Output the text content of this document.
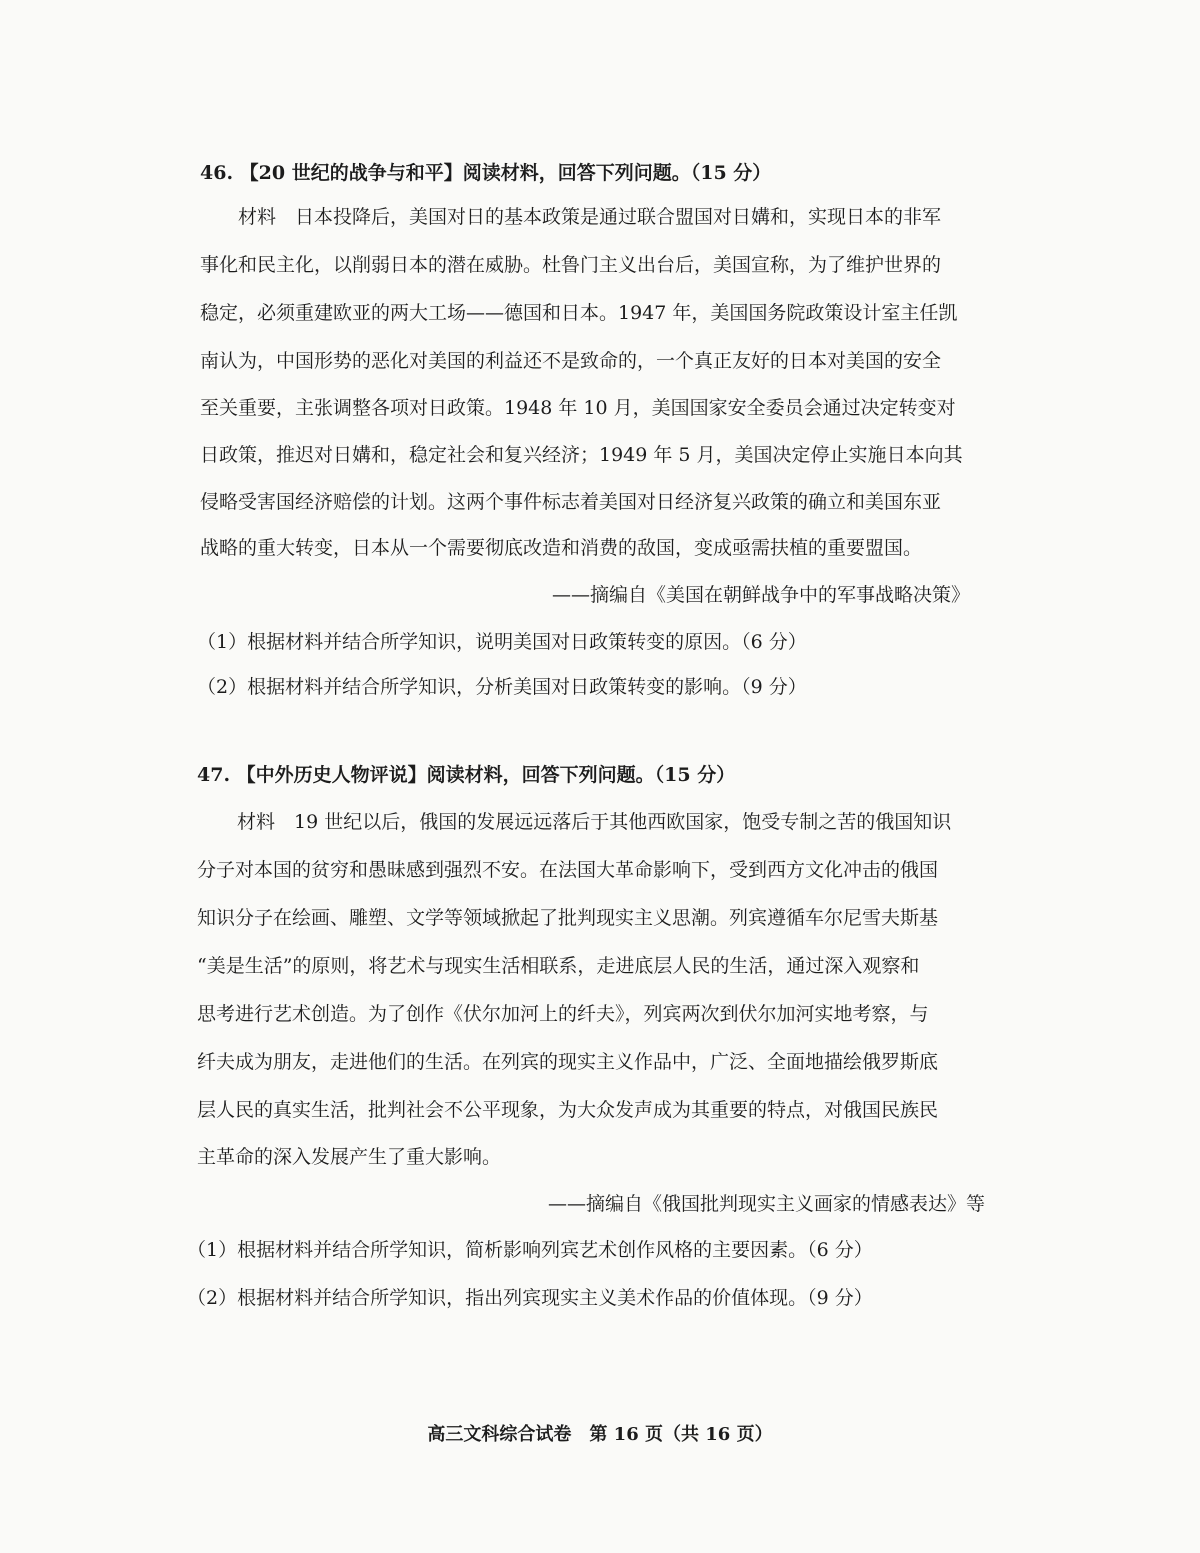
46. 【20 世纪的战争与和平】阅读材料，回答下列问题。（15 分）
材料　日本投降后，美国对日的基本政策是通过联合盟国对日媾和，实现日本的非军
事化和民主化，以削弱日本的潜在威胁。杜鲁门主义出台后，美国宣称，为了维护世界的
稳定，必须重建欧亚的两大工场——德国和日本。1947 年，美国国务院政策设计室主任凯
南认为，中国形势的恶化对美国的利益还不是致命的，一个真正友好的日本对美国的安全
至关重要，主张调整各项对日政策。1948 年 10 月，美国国家安全委员会通过决定转变对
日政策，推迟对日媾和，稳定社会和复兴经济；1949 年 5 月，美国决定停止实施日本向其
侵略受害国经济赔偿的计划。这两个事件标志着美国对日经济复兴政策的确立和美国东亚
战略的重大转变，日本从一个需要彻底改造和消费的敌国，变成亟需扶植的重要盟国。
——摘编自《美国在朝鲜战争中的军事战略决策》
（1）根据材料并结合所学知识，说明美国对日政策转变的原因。（6 分）
（2）根据材料并结合所学知识，分析美国对日政策转变的影响。（9 分）
47. 【中外历史人物评说】阅读材料，回答下列问题。（15 分）
材料　19 世纪以后，俄国的发展远远落后于其他西欧国家，饱受专制之苦的俄国知识
分子对本国的贫穷和愚昧感到强烈不安。在法国大革命影响下，受到西方文化冲击的俄国
知识分子在绘画、雕塑、文学等领域掀起了批判现实主义思潮。列宾遵循车尔尼雪夫斯基
“美是生活”的原则，将艺术与现实生活相联系，走进底层人民的生活，通过深入观察和
思考进行艺术创造。为了创作《伏尔加河上的纤夫》，列宾两次到伏尔加河实地考察，与
纤夫成为朋友，走进他们的生活。在列宾的现实主义作品中，广泛、全面地描绘俄罗斯底
层人民的真实生活，批判社会不公平现象，为大众发声成为其重要的特点，对俄国民族民
主革命的深入发展产生了重大影响。
——摘编自《俄国批判现实主义画家的情感表达》等
（1）根据材料并结合所学知识，简析影响列宾艺术创作风格的主要因素。（6 分）
（2）根据材料并结合所学知识，指出列宾现实主义美术作品的价值体现。（9 分）
高三文科综合试卷　第 16 页（共 16 页）
